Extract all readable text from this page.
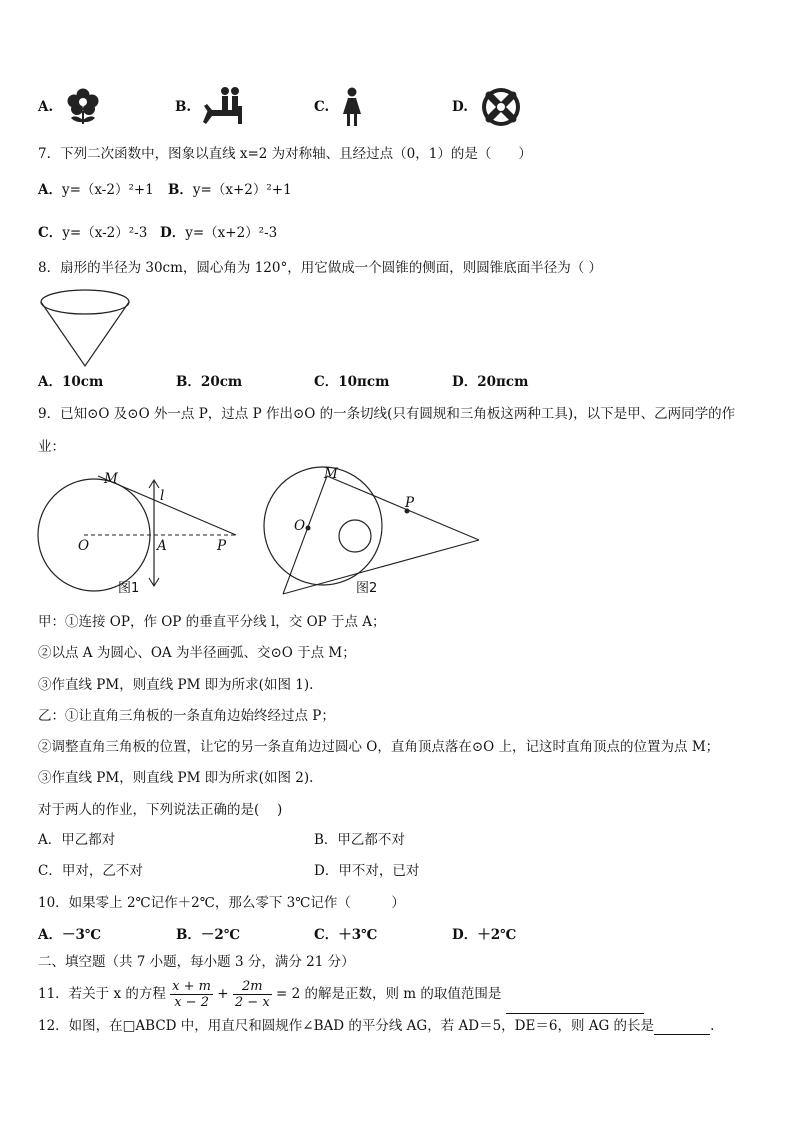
A.	B.	C.	D.
7．下列二次函数中，图象以直线 x=2 为对称轴、且经过点（0，1）的是（　　）
A．y=（x-2）²+1 B．y=（x+2）²+1
C．y=（x-2）²-3 D．y=（x+2）²-3
8．扇形的半径为 30cm，圆心角为 120°，用它做成一个圆锥的侧面，则圆锥底面半径为（ ）
A．10cm	B．20cm	C．10πcm	D．20πcm
9．已知⊙O 及⊙O 外一点 P，过点 P 作出⊙O 的一条切线(只有圆规和三角板这两种工具)，以下是甲、乙两同学的作
业：
M
l
O	A	P
图1
M
P
O
图2
甲：①连接 OP，作 OP 的垂直平分线 l，交 OP 于点 A；
②以点 A 为圆心、OA 为半径画弧、交⊙O 于点 M；
③作直线 PM，则直线 PM 即为所求(如图 1).
乙：①让直角三角板的一条直角边始终经过点 P；
②调整直角三角板的位置，让它的另一条直角边过圆心 O，直角顶点落在⊙O 上，记这时直角顶点的位置为点 M；
③作直线 PM，则直线 PM 即为所求(如图 2).
对于两人的作业，下列说法正确的是(　 )
A．甲乙都对	B．甲乙都不对
C．甲对，乙不对	D．甲不对，已对
10．如果零上 2℃记作＋2℃，那么零下 3℃记作（　　　）
A．－3℃	B．－2℃	C．＋3℃	D．＋2℃
二、填空题（共 7 小题，每小题 3 分，满分 21 分）
11．若关于 x 的方程 $\frac{x + m}{x - 2} + \frac{2m}{2 - x} = 2$ 的解是正数，则 m 的取值范围是
12．如图，在□ABCD 中，用直尺和圆规作∠BAD 的平分线 AG，若 AD＝5，DE＝6，则 AG 的长是	.
